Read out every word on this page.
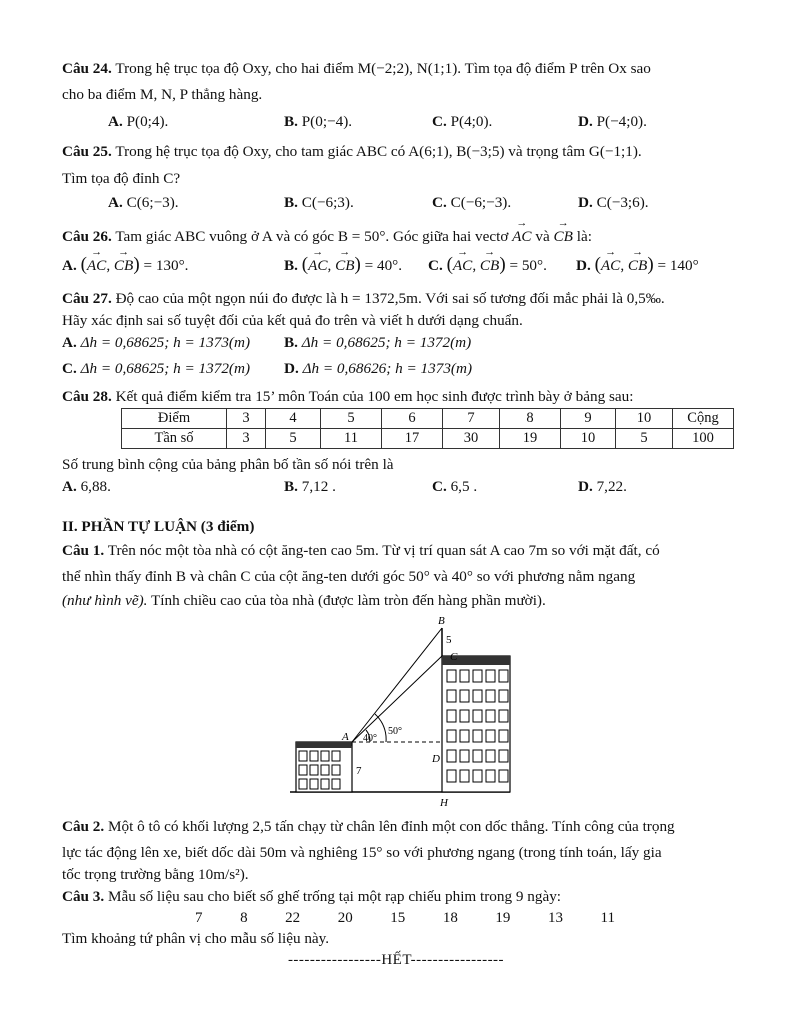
Câu 24. Trong hệ trục tọa độ Oxy, cho hai điểm M(−2;2), N(1;1). Tìm tọa độ điểm P trên Ox sao
cho ba điểm M, N, P thẳng hàng.
A. P(0;4).	B. P(0;−4).	C. P(4;0).	D. P(−4;0).
Câu 25. Trong hệ trục tọa độ Oxy, cho tam giác ABC có A(6;1), B(−3;5) và trọng tâm G(−1;1).
Tìm tọa độ đỉnh C?
A. C(6;−3).	B. C(−6;3).	C. C(−6;−3).	D. C(−3;6).
Câu 26. Tam giác ABC vuông ở A và có góc B = 50°. Góc giữa hai vectơ → AC và → CB là:
A. (→ AC, → CB) = 130°.	B. (→ AC, → CB) = 40°. C. (→ AC, → CB) = 50°. D. (→ AC, → CB) = 140°
Câu 27. Độ cao của một ngọn núi đo được là h = 1372,5m. Với sai số tương đối mắc phải là 0,5‰.
Hãy xác định sai số tuyệt đối của kết quả đo trên và viết h dưới dạng chuẩn.
A. Δh = 0,68625; h = 1373(m) B. Δh = 0,68625; h = 1372(m)
C. Δh = 0,68625; h = 1372(m) D. Δh = 0,68626; h = 1373(m)
Câu 28. Kết quả điểm kiểm tra 15’ môn Toán của 100 em học sinh được trình bày ở bảng sau:
Điểm	3	4	5	6	7	8	9	10	Cộng
Tần số	3	5	11	17	30	19	10	5	100
Số trung bình cộng của bảng phân bố tần số nói trên là
A. 6,88.	B. 7,12 .	C. 6,5 .	D. 7,22.
II. PHẦN TỰ LUẬN (3 điểm)
Câu 1. Trên nóc một tòa nhà có cột ăng-ten cao 5m. Từ vị trí quan sát A cao 7m so với mặt đất, có
thể nhìn thấy đỉnh B và chân C của cột ăng-ten dưới góc 50° và 40° so với phương nằm ngang
(như hình vẽ). Tính chiều cao của tòa nhà (được làm tròn đến hàng phần mười).
B
5
C
A 40°
50°
7
D
H
Câu 2. Một ô tô có khối lượng 2,5 tấn chạy từ chân lên đỉnh một con dốc thẳng. Tính công của trọng
lực tác động lên xe, biết dốc dài 50m và nghiêng 15° so với phương ngang (trong tính toán, lấy gia
tốc trọng trường bằng 10m/s²).
Câu 3. Mẫu số liệu sau cho biết số ghế trống tại một rạp chiếu phim trong 9 ngày:
7	8	22	20	15	18	19	13	11
Tìm khoảng tứ phân vị cho mẫu số liệu này.
-----------------HẾT-----------------
